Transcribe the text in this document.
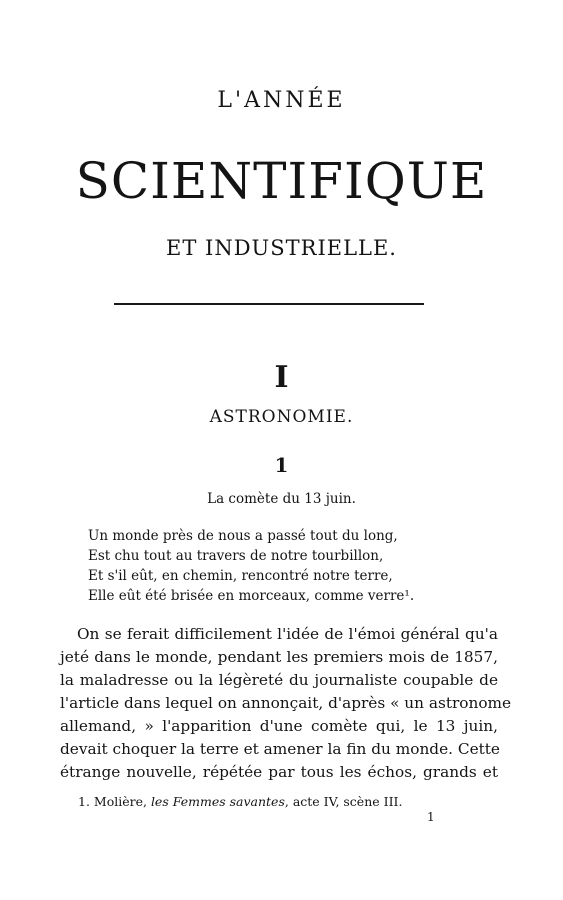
L'ANNÉE
SCIENTIFIQUE
ET INDUSTRIELLE.
I
ASTRONOMIE.
1
La comète du 13 juin.
Un monde près de nous a passé tout du long,
Est chu tout au travers de notre tourbillon,
Et s'il eût, en chemin, rencontré notre terre,
Elle eût été brisée en morceaux, comme verre¹.
On se ferait difficilement l'idée de l'émoi général qu'a
jeté dans le monde, pendant les premiers mois de 1857,
la maladresse ou la légèreté du journaliste coupable de
l'article dans lequel on annonçait, d'après « un astronome
allemand, » l'apparition d'une comète qui, le 13 juin,
devait choquer la terre et amener la fin du monde. Cette
étrange nouvelle, répétée par tous les échos, grands et
1. Molière, les Femmes savantes, acte IV, scène III.
1
